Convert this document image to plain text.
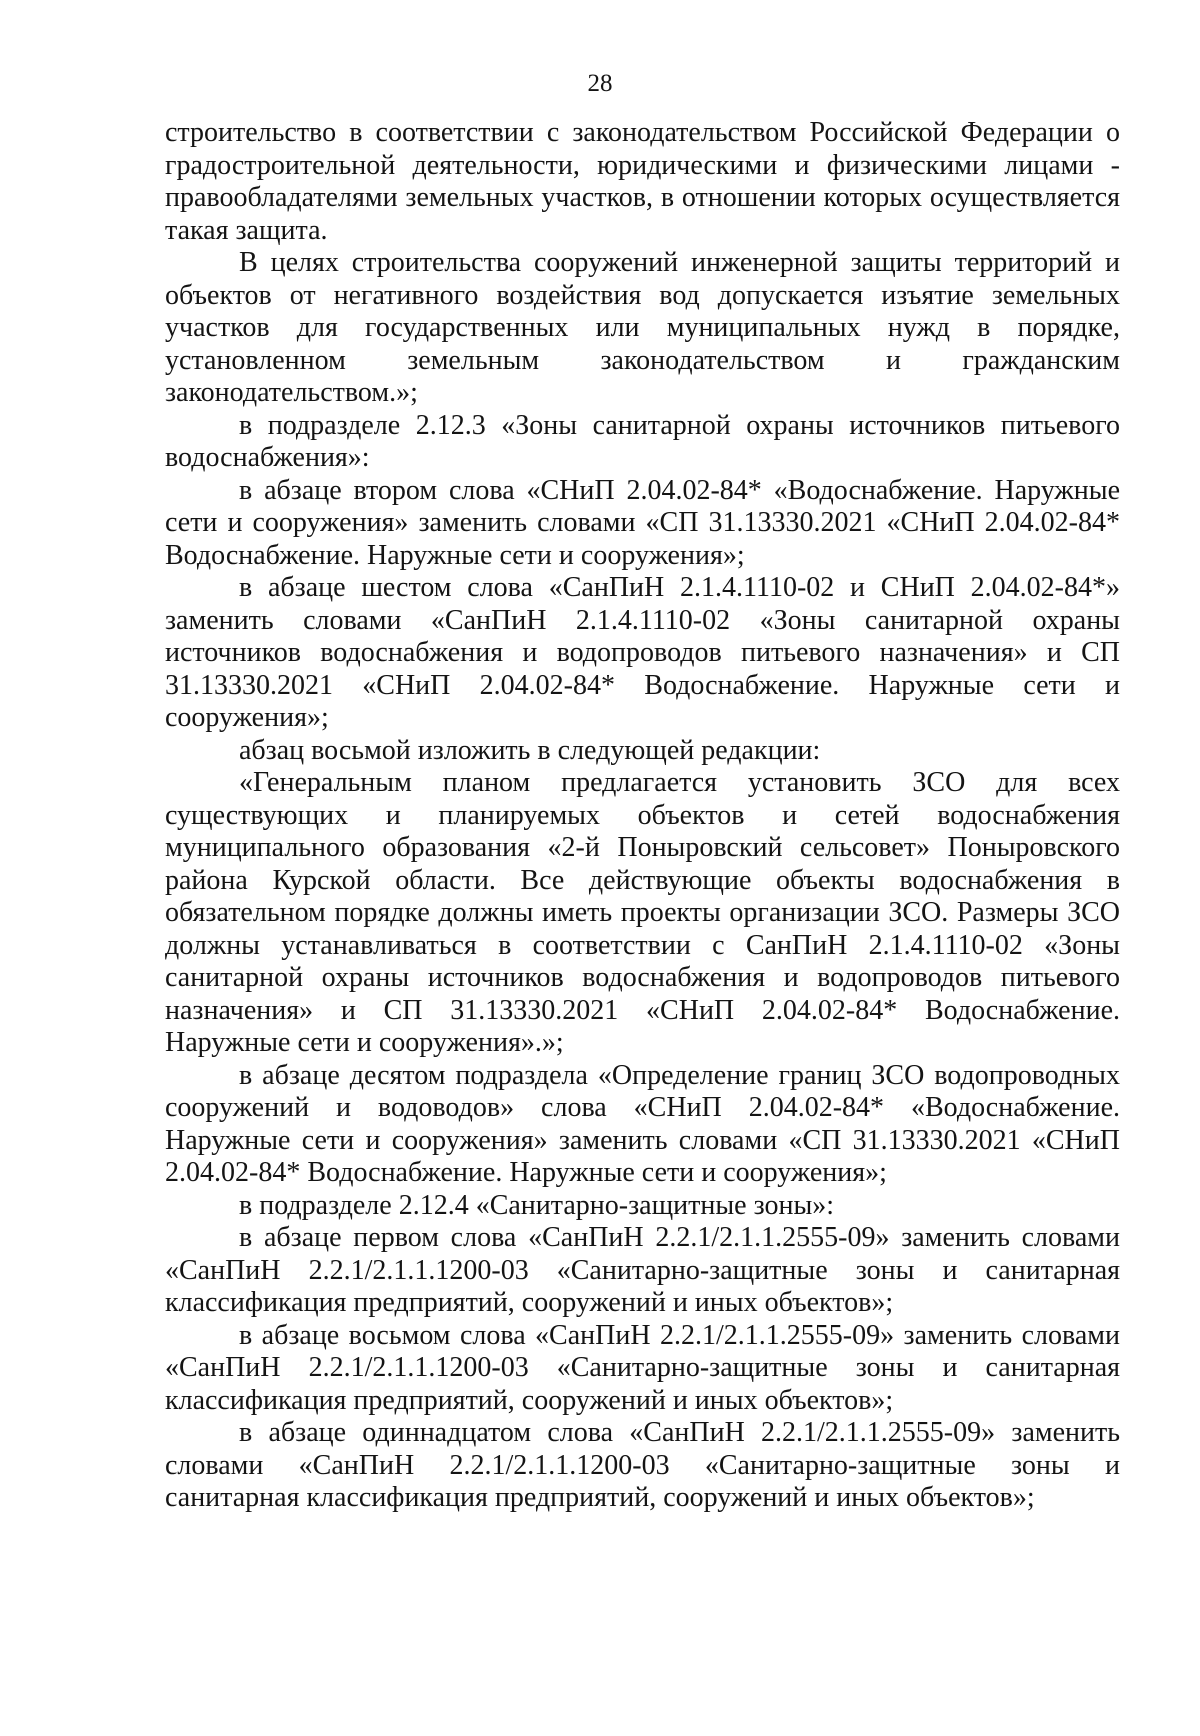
28

строительство в соответствии с законодательством Российской Федерации о градостроительной деятельности, юридическими и физическими лицами - правообладателями земельных участков, в отношении которых осуществляется такая защита.

В целях строительства сооружений инженерной защиты территорий и объектов от негативного воздействия вод допускается изъятие земельных участков для государственных или муниципальных нужд в порядке, установленном земельным законодательством и гражданским законодательством.»;

в подразделе 2.12.3 «Зоны санитарной охраны источников питьевого водоснабжения»:

в абзаце втором слова «СНиП 2.04.02-84* «Водоснабжение. Наружные сети и сооружения» заменить словами «СП 31.13330.2021 «СНиП 2.04.02-84* Водоснабжение. Наружные сети и сооружения»;

в абзаце шестом слова «СанПиН 2.1.4.1110-02 и СНиП 2.04.02-84*» заменить словами «СанПиН 2.1.4.1110-02 «Зоны санитарной охраны источников водоснабжения и водопроводов питьевого назначения» и СП 31.13330.2021 «СНиП 2.04.02-84* Водоснабжение. Наружные сети и сооружения»;

абзац восьмой изложить в следующей редакции:

«Генеральным планом предлагается установить ЗСО для всех существующих и планируемых объектов и сетей водоснабжения муниципального образования «2-й Поныровский сельсовет» Поныровского района Курской области. Все действующие объекты водоснабжения в обязательном порядке должны иметь проекты организации ЗСО. Размеры ЗСО должны устанавливаться в соответствии с СанПиН 2.1.4.1110-02 «Зоны санитарной охраны источников водоснабжения и водопроводов питьевого назначения» и СП 31.13330.2021 «СНиП 2.04.02-84* Водоснабжение. Наружные сети и сооружения».»;

в абзаце десятом подраздела «Определение границ ЗСО водопроводных сооружений и водоводов» слова «СНиП 2.04.02-84* «Водоснабжение. Наружные сети и сооружения» заменить словами «СП 31.13330.2021 «СНиП 2.04.02-84* Водоснабжение. Наружные сети и сооружения»;

в подразделе 2.12.4 «Санитарно-защитные зоны»:

в абзаце первом слова «СанПиН 2.2.1/2.1.1.2555-09» заменить словами «СанПиН 2.2.1/2.1.1.1200-03 «Санитарно-защитные зоны и санитарная классификация предприятий, сооружений и иных объектов»;

в абзаце восьмом слова «СанПиН 2.2.1/2.1.1.2555-09» заменить словами «СанПиН 2.2.1/2.1.1.1200-03 «Санитарно-защитные зоны и санитарная классификация предприятий, сооружений и иных объектов»;

в абзаце одиннадцатом слова «СанПиН 2.2.1/2.1.1.2555-09» заменить словами «СанПиН 2.2.1/2.1.1.1200-03 «Санитарно-защитные зоны и санитарная классификация предприятий, сооружений и иных объектов»;
